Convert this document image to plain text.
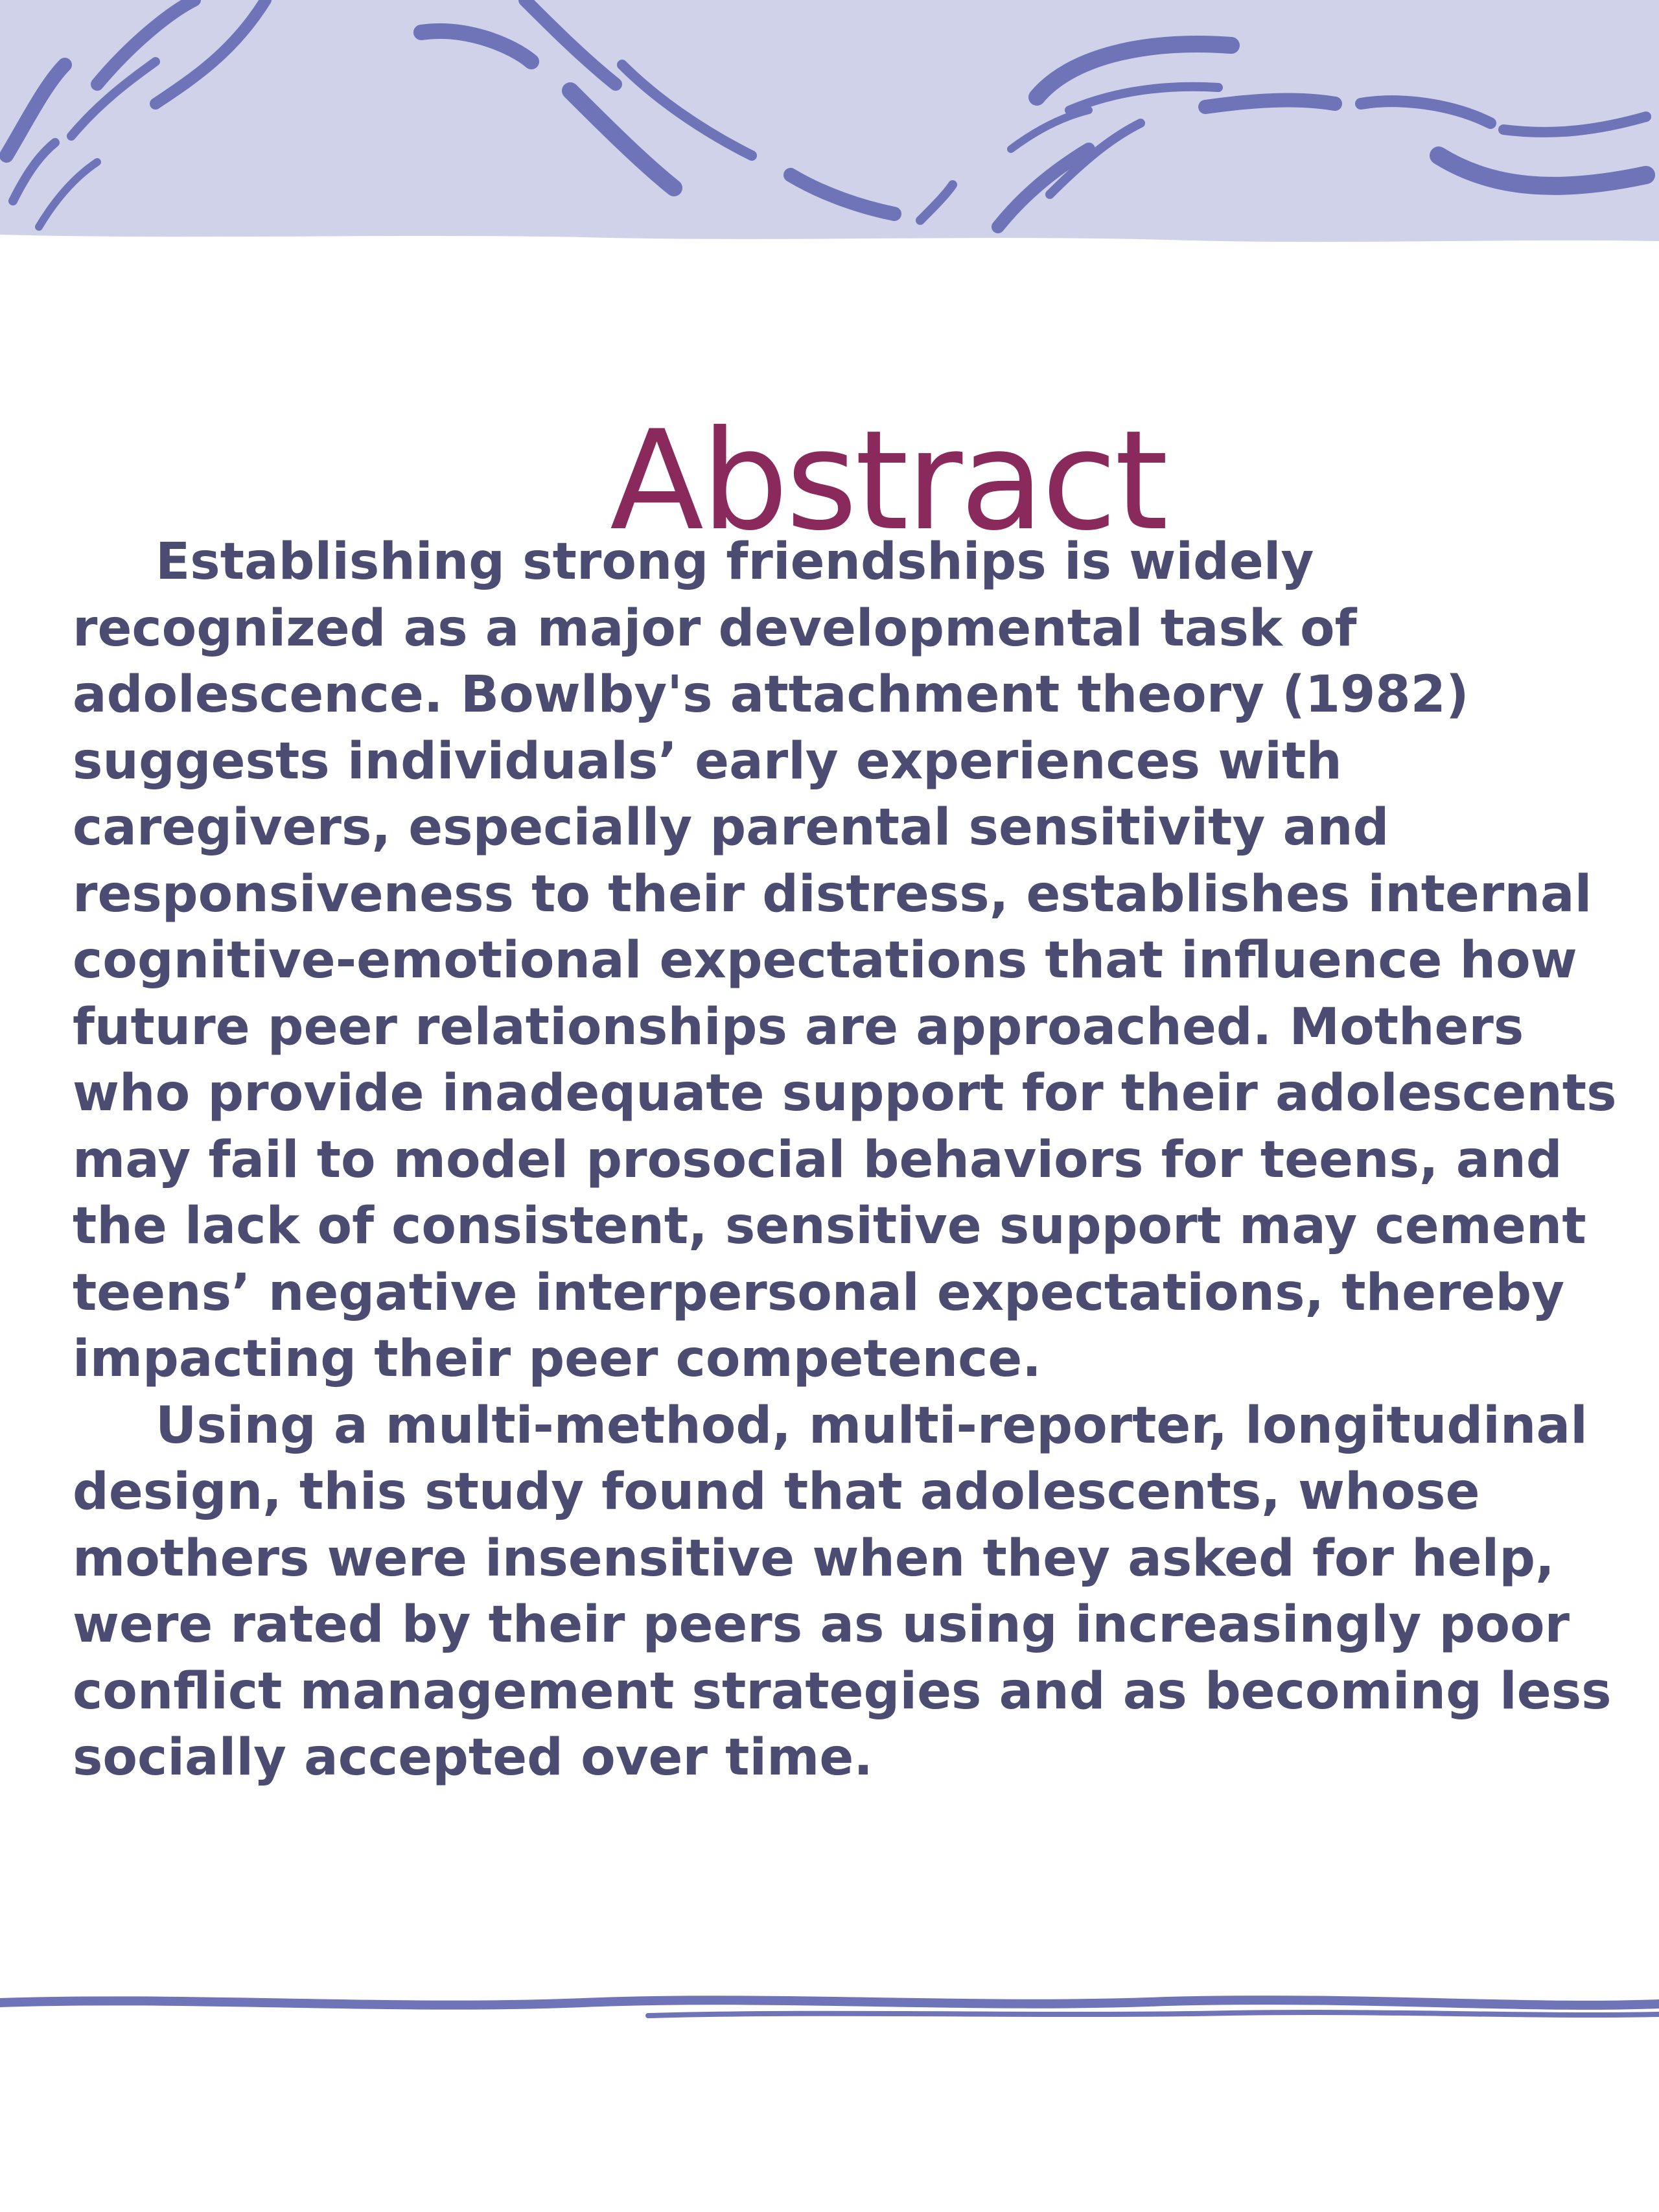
Abstract
Establishing strong friendships is widely
recognized as a major developmental task of
adolescence. Bowlby's attachment theory (1982)
suggests individuals’ early experiences with
caregivers, especially parental sensitivity and
responsiveness to their distress, establishes internal
cognitive-emotional expectations that influence how
future peer relationships are approached. Mothers
who provide inadequate support for their adolescents
may fail to model prosocial behaviors for teens, and
the lack of consistent, sensitive support may cement
teens’ negative interpersonal expectations, thereby
impacting their peer competence.
Using a multi-method, multi-reporter, longitudinal
design, this study found that adolescents, whose
mothers were insensitive when they asked for help,
were rated by their peers as using increasingly poor
conflict management strategies and as becoming less
socially accepted over time.
